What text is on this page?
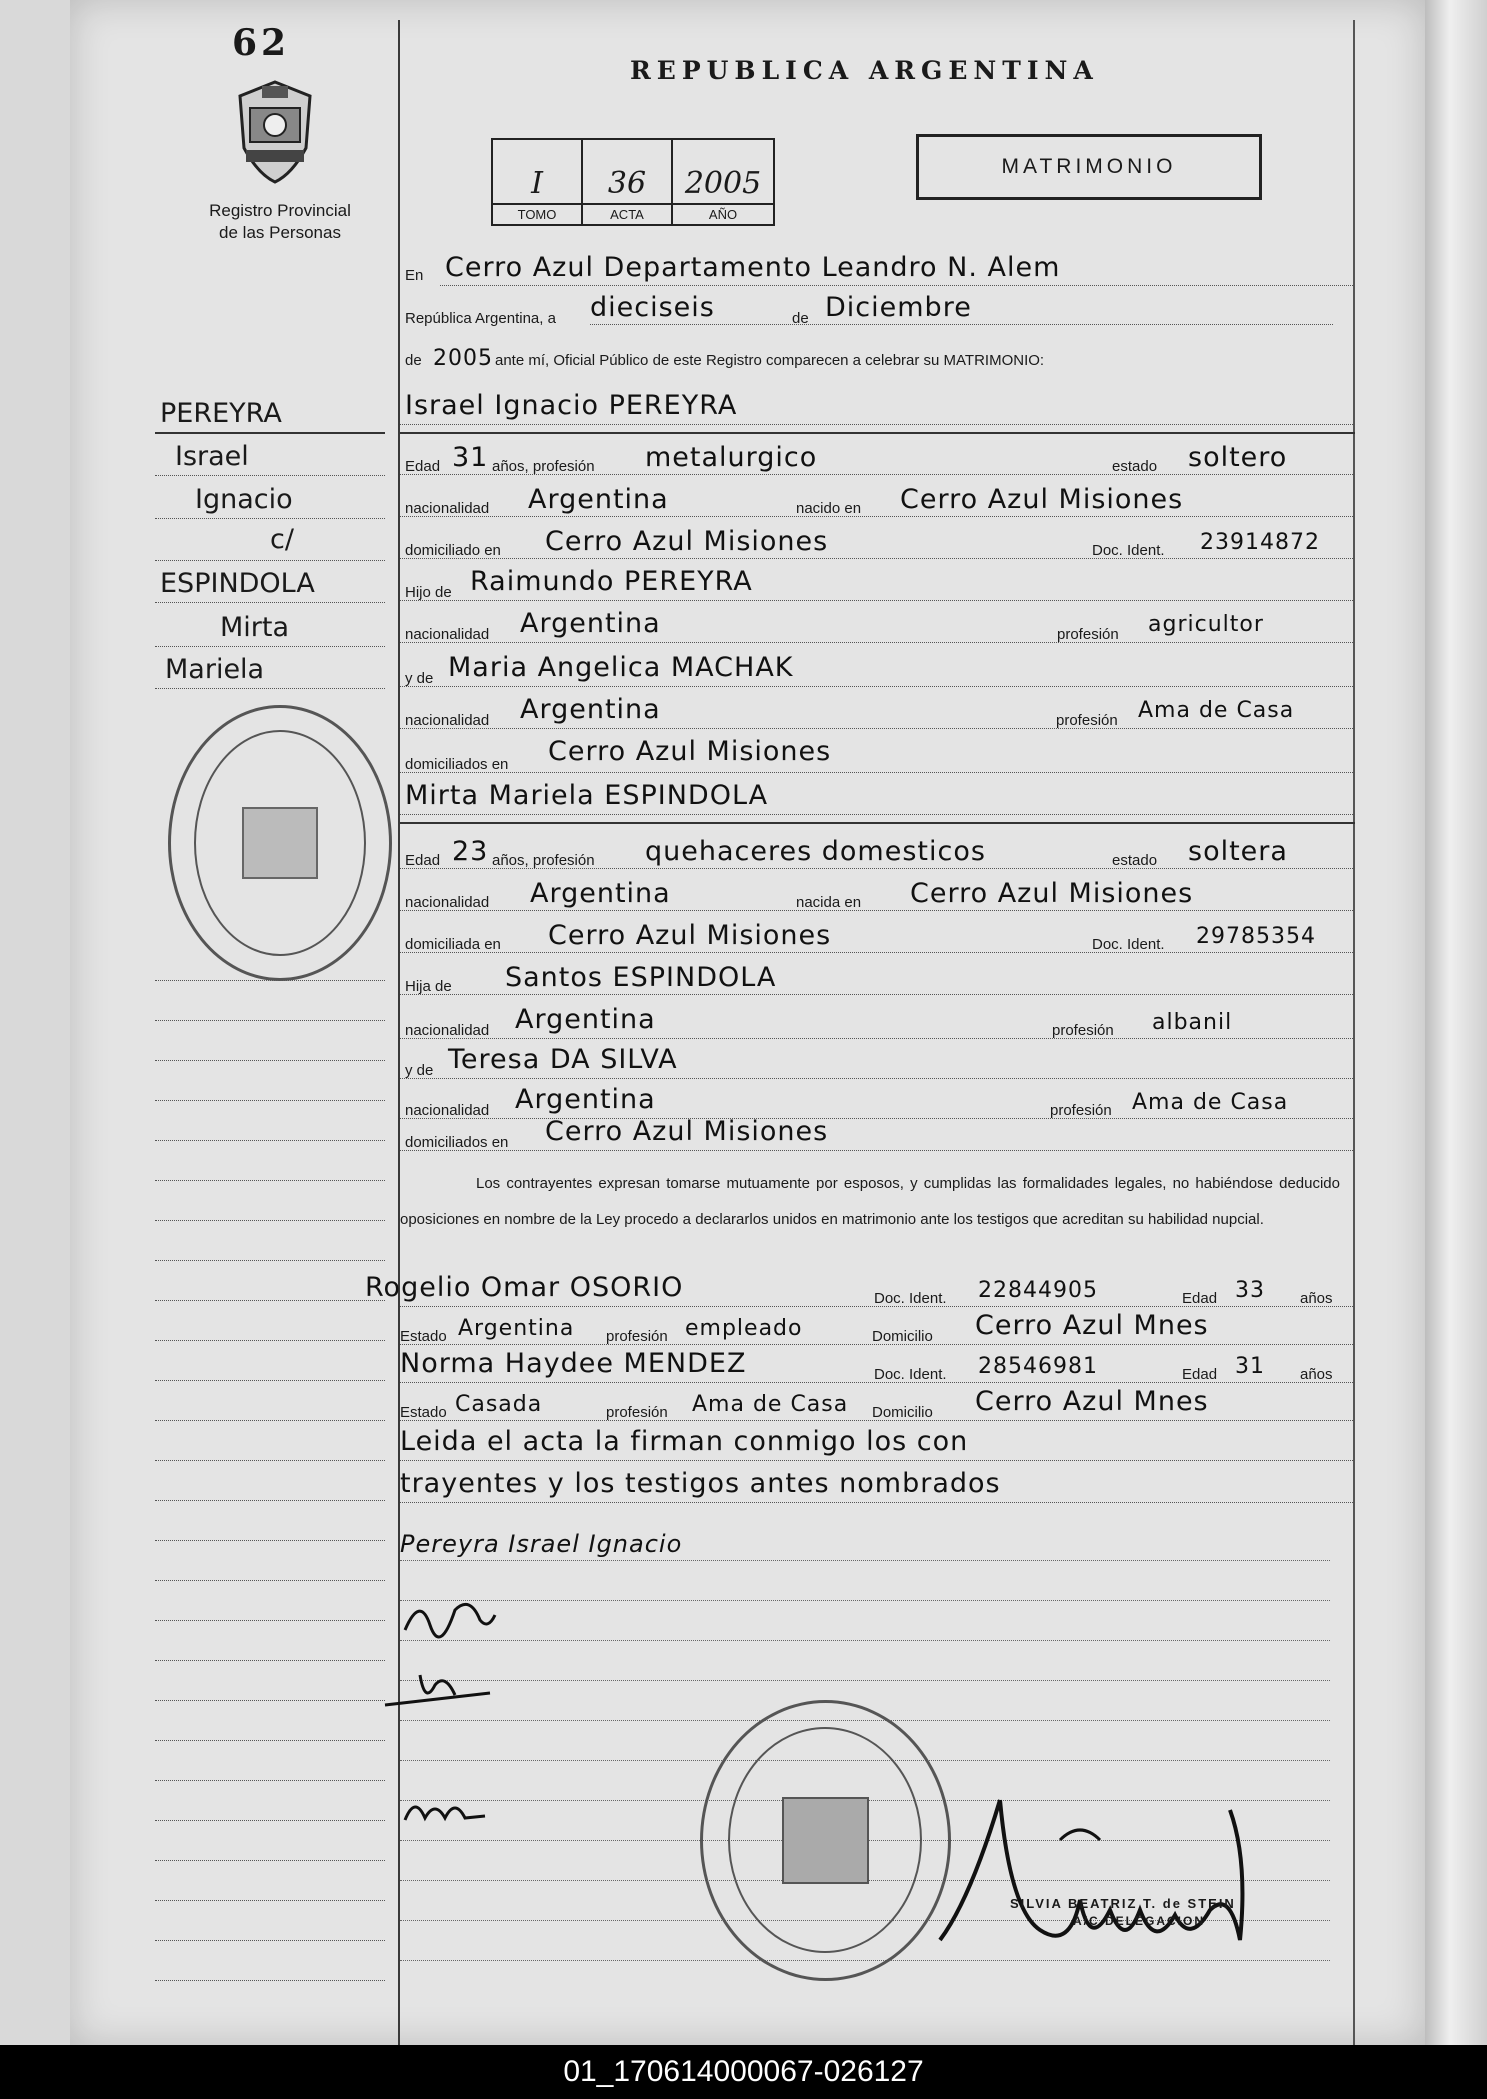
62
Registro Provincial
de las Personas
REPUBLICA ARGENTINA
I
TOMO
36
ACTA
2005
AÑO
MATRIMONIO
En Cerro Azul Departamento Leandro N. Alem
República Argentina, a dieciseis	de Diciembre
de 2005 ante mí, Oficial Público de este Registro comparecen a celebrar su MATRIMONIO:
PEREYRA
Israel
Ignacio
c/
ESPINDOLA
Mirta
Mariela
Israel Ignacio PEREYRA
Edad 31 años, profesión metalurgico	estado soltero
nacionalidad Argentina	nacido en Cerro Azul Misiones
domiciliado en Cerro Azul Misiones	Doc. Ident. 23914872
Hijo de Raimundo PEREYRA
nacionalidad Argentina	profesión agricultor
y de Maria Angelica MACHAK
nacionalidad Argentina	profesión Ama de Casa
domiciliados en Cerro Azul Misiones
Mirta Mariela ESPINDOLA
Edad 23 años, profesión quehaceres domesticos	estado soltera
nacionalidad Argentina	nacida en Cerro Azul Misiones
domiciliada en Cerro Azul Misiones	Doc. Ident. 29785354
Hija de Santos ESPINDOLA
nacionalidad Argentina	profesión albanil
y de Teresa DA SILVA
nacionalidad Argentina	profesión Ama de Casa
domiciliados en Cerro Azul Misiones
Los contrayentes expresan tomarse mutuamente por esposos, y cumplidas las formalidades legales, no habiéndose deducido oposiciones en nombre de la Ley procedo a declararlos unidos en matrimonio ante los testigos que acreditan su habilidad nupcial.
Rogelio Omar OSORIO	Doc. Ident. 22844905	Edad 33 años
Estado Argentina profesión empleado	Domicilio Cerro Azul Mnes
Norma Haydee MENDEZ	Doc. Ident. 28546981	Edad 31 años
Estado Casada	profesión Ama de Casa Domicilio Cerro Azul Mnes
Leida el acta la firman conmigo los con
trayentes y los testigos antes nombrados
Pereyra Israel Ignacio
SILVIA BEATRIZ T. de STEIN
A/C DELEGACION
01_170614000067-026127
